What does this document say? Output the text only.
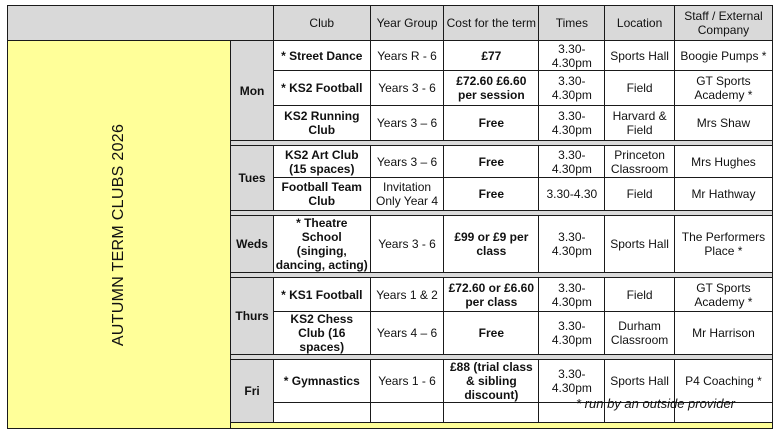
		Club	Year Group	Cost for the term	Times	Location	Staff / External Company
AUTUMN TERM CLUBS 2026	Mon	* Street Dance	Years R - 6	£77	3.30-4.30pm	Sports Hall	Boogie Pumps *
		* KS2 Football	Years 3 - 6	£72.60 £6.60 per session	3.30-4.30pm	Field	GT Sports Academy *
		KS2 Running Club	Years 3 – 6	Free	3.30-4.30pm	Harvard & Field	Mrs Shaw

	Tues	KS2 Art Club (15 spaces)	Years 3 – 6	Free	3.30-4.30pm	Princeton Classroom	Mrs Hughes
		Football Team Club	Invitation Only Year 4	Free	3.30-4.30	Field	Mr Hathway

	Weds	* Theatre School (singing, dancing, acting)	Years 3 - 6	£99 or £9 per class	3.30-4.30pm	Sports Hall	The Performers Place *

	Thurs	* KS1 Football	Years 1 & 2	£72.60 or £6.60 per class	3.30-4.30pm	Field	GT Sports Academy *
		KS2 Chess Club (16 spaces)	Years 4 – 6	Free	3.30-4.30pm	Durham Classroom	Mr Harrison

	Fri	* Gymnastics	Years 1 - 6	£88 (trial class & sibling discount)	3.30-4.30pm	Sports Hall	P4 Coaching *

* run by an outside provider
